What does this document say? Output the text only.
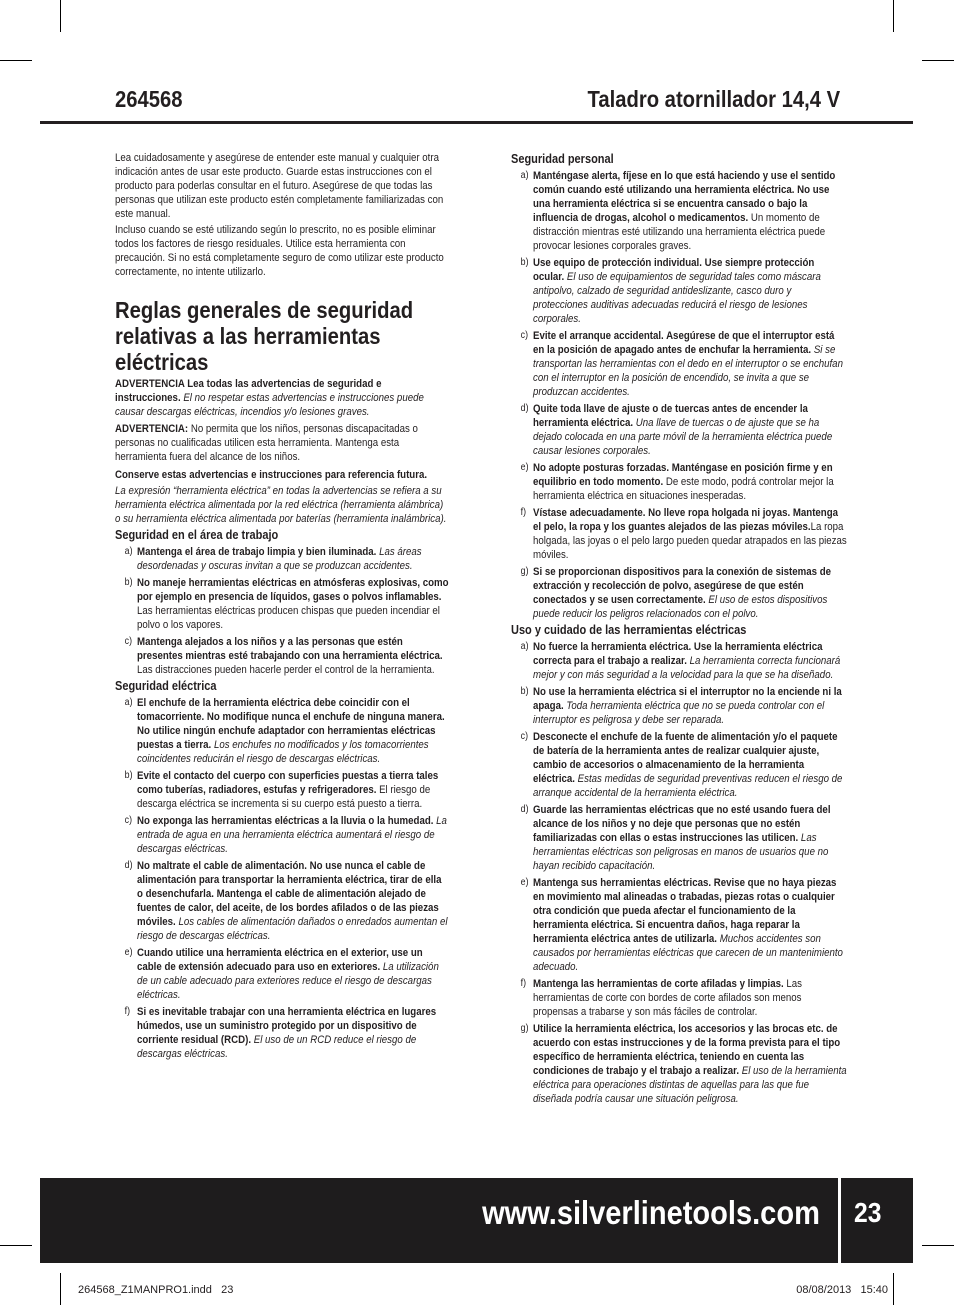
264568	Taladro atornillador 14,4 V
Lea cuidadosamente y asegúrese de entender este manual y cualquier otra indicación antes de usar este producto. Guarde estas instrucciones con el producto para poderlas consultar en el futuro. Asegúrese de que todas las personas que utilizan este producto estén completamente familiarizadas con este manual.
Incluso cuando se esté utilizando según lo prescrito, no es posible eliminar todos los factores de riesgo residuales. Utilice esta herramienta con precaución. Si no está completamente seguro de como utilizar este producto correctamente, no intente utilizarlo.
Reglas generales de seguridad relativas a las herramientas eléctricas
ADVERTENCIA Lea todas las advertencias de seguridad e instrucciones. El no respetar estas advertencias e instrucciones puede causar descargas eléctricas, incendios y/o lesiones graves.
ADVERTENCIA: No permita que los niños, personas discapacitadas o personas no cualificadas utilicen esta herramienta. Mantenga esta herramienta fuera del alcance de los niños.
Conserve estas advertencias e instrucciones para referencia futura.
La expresión “herramienta eléctrica” en todas la advertencias se refiera a su herramienta eléctrica alimentada por la red eléctrica (herramienta alámbrica) o su herramienta eléctrica alimentada por baterías (herramienta inalámbrica).
Seguridad en el área de trabajo
a) Mantenga el área de trabajo limpia y bien iluminada. Las áreas desordenadas y oscuras invitan a que se produzcan accidentes.
b) No maneje herramientas eléctricas en atmósferas explosivas, como por ejemplo en presencia de líquidos, gases o polvos inflamables. Las herramientas eléctricas producen chispas que pueden incendiar el polvo o los vapores.
c) Mantenga alejados a los niños y a las personas que estén presentes mientras esté trabajando con una herramienta eléctrica. Las distracciones pueden hacerle perder el control de la herramienta.
Seguridad eléctrica
a) El enchufe de la herramienta eléctrica debe coincidir con el tomacorriente. No modifique nunca el enchufe de ninguna manera. No utilice ningún enchufe adaptador con herramientas eléctricas puestas a tierra. Los enchufes no modificados y los tomacorrientes coincidentes reducirán el riesgo de descargas eléctricas.
b) Evite el contacto del cuerpo con superficies puestas a tierra tales como tuberías, radiadores, estufas y refrigeradores. El riesgo de descarga eléctrica se incrementa si su cuerpo está puesto a tierra.
c) No exponga las herramientas eléctricas a la lluvia o la humedad. La entrada de agua en una herramienta eléctrica aumentará el riesgo de descargas eléctricas.
d) No maltrate el cable de alimentación. No use nunca el cable de alimentación para transportar la herramienta eléctrica, tirar de ella o desenchufarla. Mantenga el cable de alimentación alejado de fuentes de calor, del aceite, de los bordes afilados o de las piezas móviles. Los cables de alimentación dañados o enredados aumentan el riesgo de descargas eléctricas.
e) Cuando utilice una herramienta eléctrica en el exterior, use un cable de extensión adecuado para uso en exteriores. La utilización de un cable adecuado para exteriores reduce el riesgo de descargas eléctricas.
f) Si es inevitable trabajar con una herramienta eléctrica en lugares húmedos, use un suministro protegido por un dispositivo de corriente residual (RCD). El uso de un RCD reduce el riesgo de descargas eléctricas.
Seguridad personal
a) Manténgase alerta, fíjese en lo que está haciendo y use el sentido común cuando esté utilizando una herramienta eléctrica. No use una herramienta eléctrica si se encuentra cansado o bajo la influencia de drogas, alcohol o medicamentos. Un momento de distracción mientras esté utilizando una herramienta eléctrica puede provocar lesiones corporales graves.
b) Use equipo de protección individual. Use siempre protección ocular. El uso de equipamientos de seguridad tales como máscara antipolvo, calzado de seguridad antideslizante, casco duro y protecciones auditivas adecuadas reducirá el riesgo de lesiones corporales.
c) Evite el arranque accidental. Asegúrese de que el interruptor está en la posición de apagado antes de enchufar la herramienta. Si se transportan las herramientas con el dedo en el interruptor o se enchufan con el interruptor en la posición de encendido, se invita a que se produzcan accidentes.
d) Quite toda llave de ajuste o de tuercas antes de encender la herramienta eléctrica. Una llave de tuercas o de ajuste que se ha dejado colocada en una parte móvil de la herramienta eléctrica puede causar lesiones corporales.
e) No adopte posturas forzadas. Manténgase en posición firme y en equilibrio en todo momento. De este modo, podrá controlar mejor la herramienta eléctrica en situaciones inesperadas.
f) Vístase adecuadamente. No lleve ropa holgada ni joyas. Mantenga el pelo, la ropa y los guantes alejados de las piezas móviles.La ropa holgada, las joyas o el pelo largo pueden quedar atrapados en las piezas móviles.
g) Si se proporcionan dispositivos para la conexión de sistemas de extracción y recolección de polvo, asegúrese de que estén conectados y se usen correctamente. El uso de estos dispositivos puede reducir los peligros relacionados con el polvo.
Uso y cuidado de las herramientas eléctricas
a) No fuerce la herramienta eléctrica. Use la herramienta eléctrica correcta para el trabajo a realizar. La herramienta correcta funcionará mejor y con más seguridad a la velocidad para la que se ha diseñado.
b) No use la herramienta eléctrica si el interruptor no la enciende ni la apaga. Toda herramienta eléctrica que no se pueda controlar con el interruptor es peligrosa y debe ser reparada.
c) Desconecte el enchufe de la fuente de alimentación y/o el paquete de batería de la herramienta antes de realizar cualquier ajuste, cambio de accesorios o almacenamiento de la herramienta eléctrica. Estas medidas de seguridad preventivas reducen el riesgo de arranque accidental de la herramienta eléctrica.
d) Guarde las herramientas eléctricas que no esté usando fuera del alcance de los niños y no deje que personas que no estén familiarizadas con ellas o estas instrucciones las utilicen. Las herramientas eléctricas son peligrosas en manos de usuarios que no hayan recibido capacitación.
e) Mantenga sus herramientas eléctricas. Revise que no haya piezas en movimiento mal alineadas o trabadas, piezas rotas o cualquier otra condición que pueda afectar el funcionamiento de la herramienta eléctrica. Si encuentra daños, haga reparar la herramienta eléctrica antes de utilizarla. Muchos accidentes son causados por herramientas eléctricas que carecen de un mantenimiento adecuado.
f) Mantenga las herramientas de corte afiladas y limpias. Las herramientas de corte con bordes de corte afilados son menos propensas a trabarse y son más fáciles de controlar.
g) Utilice la herramienta eléctrica, los accesorios y las brocas etc. de acuerdo con estas instrucciones y de la forma prevista para el tipo específico de herramienta eléctrica, teniendo en cuenta las condiciones de trabajo y el trabajo a realizar. El uso de la herramienta eléctrica para operaciones distintas de aquellas para las que fue diseñada podría causar une situación peligrosa.
www.silverlinetools.com 23
264568_Z1MANPRO1.indd   23	08/08/2013   15:40
